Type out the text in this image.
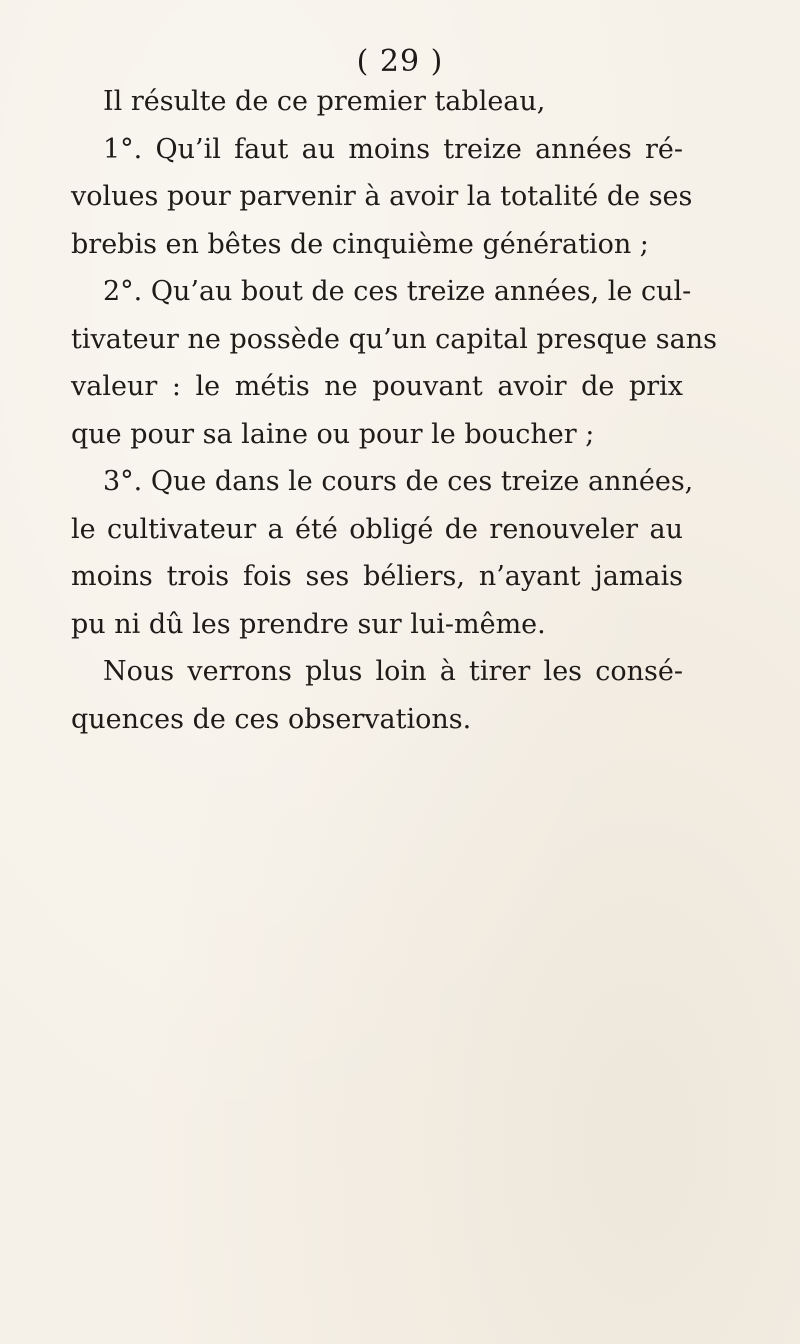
( 29 )
Il résulte de ce premier tableau,
1°. Qu’il faut au moins treize années ré-
volues pour parvenir à avoir la totalité de ses
brebis en bêtes de cinquième génération ;
2°. Qu’au bout de ces treize années, le cul-
tivateur ne possède qu’un capital presque sans
valeur : le métis ne pouvant avoir de prix
que pour sa laine ou pour le boucher ;
3°. Que dans le cours de ces treize années,
le cultivateur a été obligé de renouveler au
moins trois fois ses béliers, n’ayant jamais
pu ni dû les prendre sur lui-même.
Nous verrons plus loin à tirer les consé-
quences de ces observations.
